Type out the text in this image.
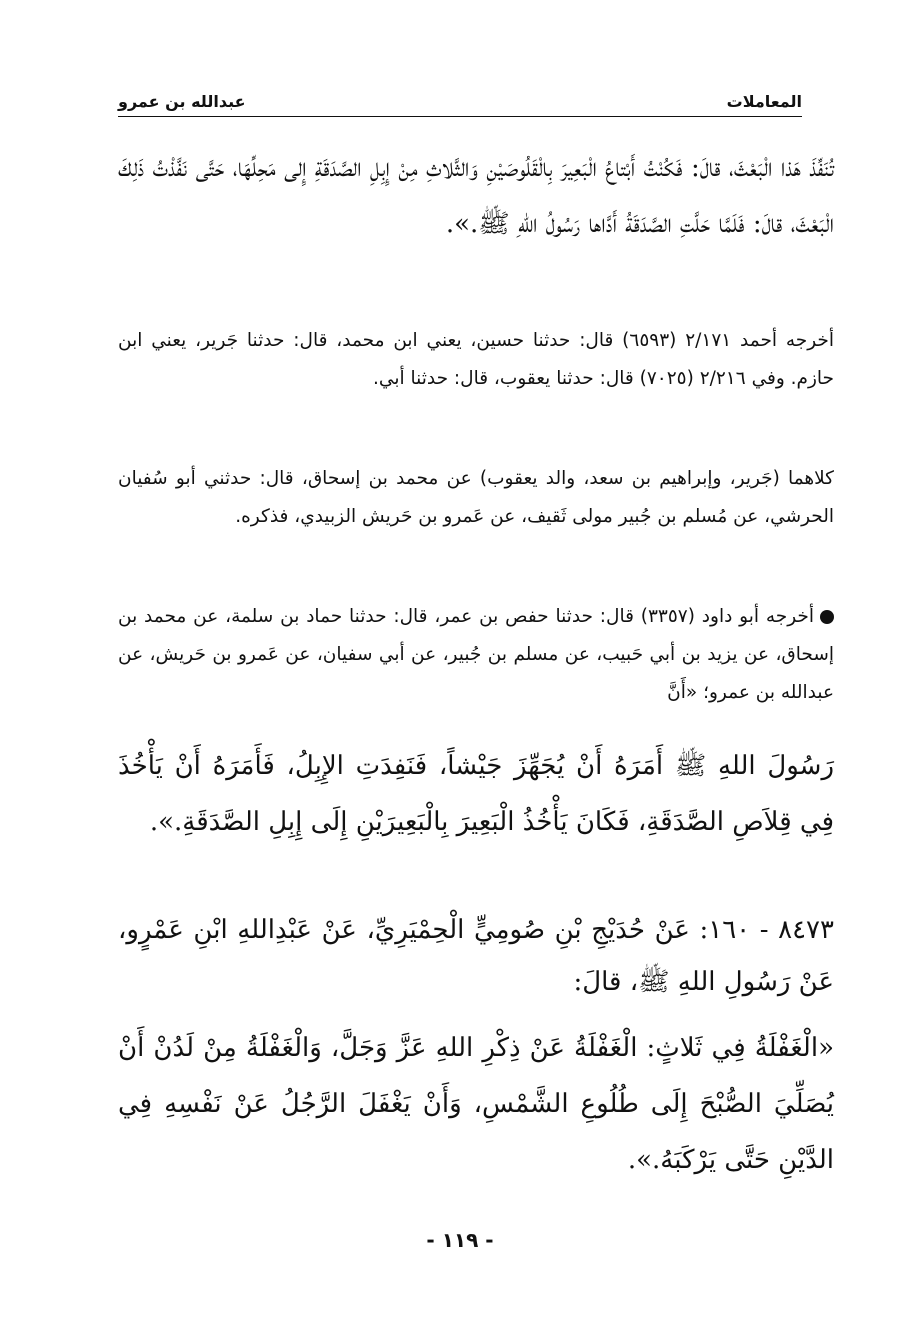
المعاملات
عبدالله بن عمرو
تُنَفِّذَ هَذا الْبَعْثَ، قالَ: فَكُنْتُ أَبْتاعُ الْبَعِيرَ بِالْقَلُوصَيْنِ وَالثَّلاثِ مِنْ إِبِلِ الصَّدَقَةِ إِلى مَحِلِّهَا، حَتَّى نَفَّذْتُ ذَلِكَ الْبَعْثَ، قالَ: فَلَمَّا حَلَّتِ الصَّدَقَةُ أَدَّاها رَسُولُ اللهِ ﷺ.».
أخرجه أحمد ٢/١٧١ (٦٥٩٣) قال: حدثنا حسين، يعني ابن محمد، قال: حدثنا جَرير، يعني ابن حازم. وفي ٢/٢١٦ (٧٠٢٥) قال: حدثنا يعقوب، قال: حدثنا أبي.
كلاهما (جَرير، وإبراهيم بن سعد، والد يعقوب) عن محمد بن إسحاق، قال: حدثني أبو سُفيان الحرشي، عن مُسلم بن جُبير مولى ثَقيف، عن عَمرو بن حَريش الزبيدي، فذكره.
أخرجه أبو داود (٣٣٥٧) قال: حدثنا حفص بن عمر، قال: حدثنا حماد بن سلمة، عن محمد بن إسحاق، عن يزيد بن أبي حَبيب، عن مسلم بن جُبير، عن أبي سفيان، عن عَمرو بن حَريش، عن عبدالله بن عمرو؛ «أَنَّ
رَسُولَ اللهِ ﷺ أَمَرَهُ أَنْ يُجَهِّزَ جَيْشاً، فَنَفِدَتِ الإِبِلُ، فَأَمَرَهُ أَنْ يَأْخُذَ فِي قِلاَصِ الصَّدَقَةِ، فَكَانَ يَأْخُذُ الْبَعِيرَ بِالْبَعِيرَيْنِ إِلَى إِبِلِ الصَّدَقَةِ.».
٨٤٧٣ - ١٦٠: عَنْ حُدَيْجِ بْنِ صُومِيٍّ الْحِمْيَرِيِّ، عَنْ عَبْدِاللهِ ابْنِ عَمْرٍو، عَنْ رَسُولِ اللهِ ﷺ، قالَ:
«الْغَفْلَةُ فِي ثَلاثٍ: الْغَفْلَةُ عَنْ ذِكْرِ اللهِ عَزَّ وَجَلَّ، وَالْغَفْلَةُ مِنْ لَدُنْ أَنْ يُصَلِّيَ الصُّبْحَ إِلَى طُلُوعِ الشَّمْسِ، وَأَنْ يَغْفَلَ الرَّجُلُ عَنْ نَفْسِهِ فِي الدَّيْنِ حَتَّى يَرْكَبَهُ.».
- ١١٩ -
